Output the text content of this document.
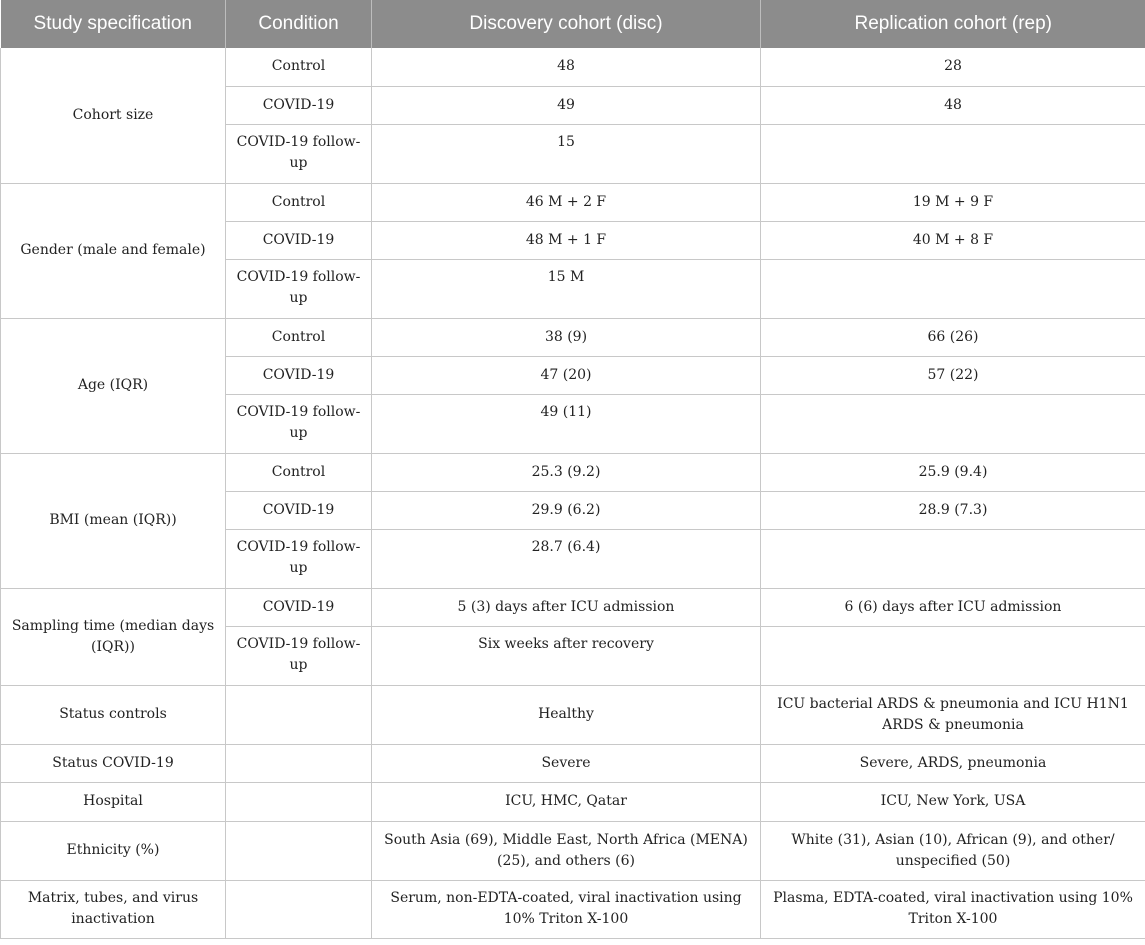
Study specification	Condition	Discovery cohort (disc)	Replication cohort (rep)
Cohort size	Control	48	28
	COVID-19	49	48
	COVID-19 follow-up	15	
Gender (male and female)	Control	46 M + 2 F	19 M + 9 F
	COVID-19	48 M + 1 F	40 M + 8 F
	COVID-19 follow-up	15 M	
Age (IQR)	Control	38 (9)	66 (26)
	COVID-19	47 (20)	57 (22)
	COVID-19 follow-up	49 (11)	
BMI (mean (IQR))	Control	25.3 (9.2)	25.9 (9.4)
	COVID-19	29.9 (6.2)	28.9 (7.3)
	COVID-19 follow-up	28.7 (6.4)	
Sampling time (median days (IQR))	COVID-19	5 (3) days after ICU admission	6 (6) days after ICU admission
	COVID-19 follow-up	Six weeks after recovery	
Status controls		Healthy	ICU bacterial ARDS & pneumonia and ICU H1N1 ARDS & pneumonia
Status COVID-19		Severe	Severe, ARDS, pneumonia
Hospital		ICU, HMC, Qatar	ICU, New York, USA
Ethnicity (%)		South Asia (69), Middle East, North Africa (MENA) (25), and others (6)	White (31), Asian (10), African (9), and other/ unspecified (50)
Matrix, tubes, and virus inactivation		Serum, non-EDTA-coated, viral inactivation using 10% Triton X-100	Plasma, EDTA-coated, viral inactivation using 10% Triton X-100
